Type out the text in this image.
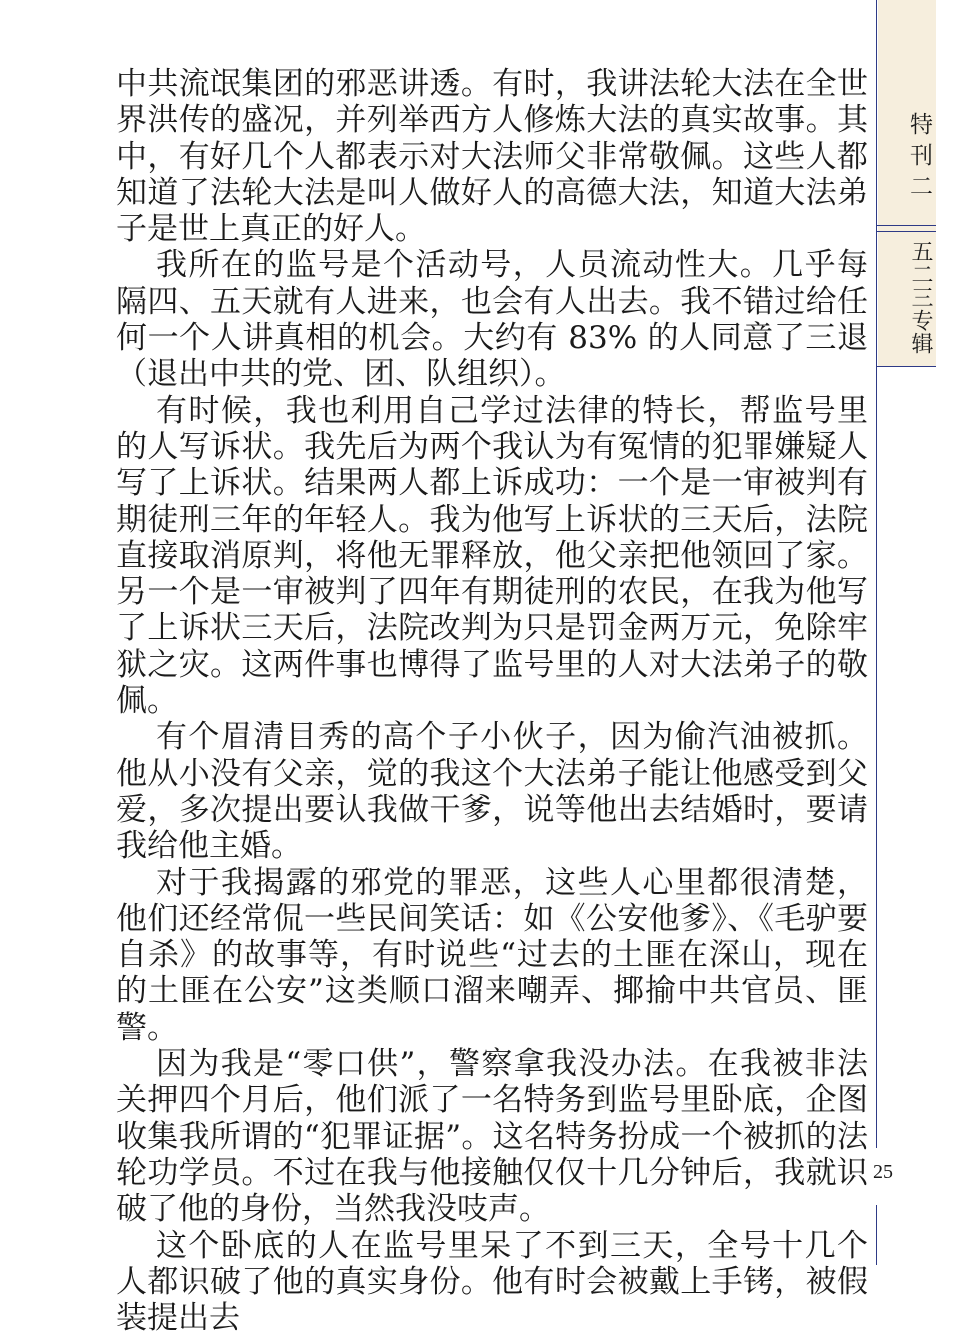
特刊二
五二三专辑

中共流氓集团的邪恶讲透。有时，我讲法轮大法在全世界洪传的盛况，并列举西方人修炼大法的真实故事。其中，有好几个人都表示对大法师父非常敬佩。这些人都知道了法轮大法是叫人做好人的高德大法，知道大法弟子是世上真正的好人。

我所在的监号是个活动号，人员流动性大。几乎每隔四、五天就有人进来，也会有人出去。我不错过给任何一个人讲真相的机会。大约有 83% 的人同意了三退（退出中共的党、团、队组织）。

有时候，我也利用自己学过法律的特长，帮监号里的人写诉状。我先后为两个我认为有冤情的犯罪嫌疑人写了上诉状。结果两人都上诉成功：一个是一审被判有期徒刑三年的年轻人。我为他写上诉状的三天后，法院直接取消原判，将他无罪释放，他父亲把他领回了家。另一个是一审被判了四年有期徒刑的农民，在我为他写了上诉状三天后，法院改判为只是罚金两万元，免除牢狱之灾。这两件事也博得了监号里的人对大法弟子的敬佩。

有个眉清目秀的高个子小伙子，因为偷汽油被抓。他从小没有父亲，觉的我这个大法弟子能让他感受到父爱，多次提出要认我做干爹，说等他出去结婚时，要请我给他主婚。

对于我揭露的邪党的罪恶，这些人心里都很清楚，他们还经常侃一些民间笑话：如《公安他爹》、《毛驴要自杀》的故事等，有时说些“过去的土匪在深山，现在的土匪在公安”这类顺口溜来嘲弄、揶揄中共官员、匪警。

因为我是“零口供”，警察拿我没办法。在我被非法关押四个月后，他们派了一名特务到监号里卧底，企图收集我所谓的“犯罪证据”。这名特务扮成一个被抓的法轮功学员。不过在我与他接触仅仅十几分钟后，我就识破了他的身份，当然我没吱声。

这个卧底的人在监号里呆了不到三天，全号十几个人都识破了他的真实身份。他有时会被戴上手铐，被假装提出去

25
